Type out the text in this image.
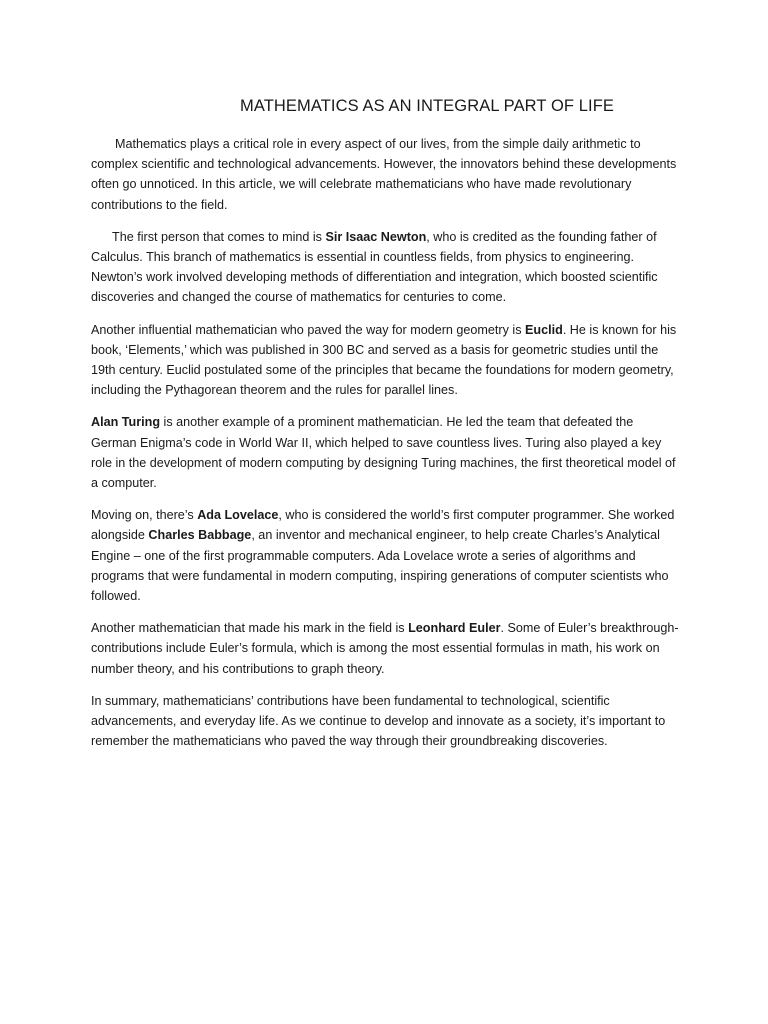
MATHEMATICS AS AN INTEGRAL PART OF LIFE

Mathematics plays a critical role in every aspect of our lives, from the simple daily arithmetic to complex scientific and technological advancements. However, the innovators behind these developments often go unnoticed. In this article, we will celebrate mathematicians who have made revolutionary contributions to the field.

The first person that comes to mind is Sir Isaac Newton, who is credited as the founding father of Calculus. This branch of mathematics is essential in countless fields, from physics to engineering. Newton’s work involved developing methods of differentiation and integration, which boosted scientific discoveries and changed the course of mathematics for centuries to come.

Another influential mathematician who paved the way for modern geometry is Euclid. He is known for his book, ‘Elements,’ which was published in 300 BC and served as a basis for geometric studies until the 19th century. Euclid postulated some of the principles that became the foundations for modern geometry, including the Pythagorean theorem and the rules for parallel lines.

Alan Turing is another example of a prominent mathematician. He led the team that defeated the German Enigma’s code in World War II, which helped to save countless lives. Turing also played a key role in the development of modern computing by designing Turing machines, the first theoretical model of a computer.

Moving on, there’s Ada Lovelace, who is considered the world’s first computer programmer. She worked alongside Charles Babbage, an inventor and mechanical engineer, to help create Charles’s Analytical Engine – one of the first programmable computers. Ada Lovelace wrote a series of algorithms and programs that were fundamental in modern computing, inspiring generations of computer scientists who followed.

Another mathematician that made his mark in the field is Leonhard Euler. Some of Euler’s breakthrough- contributions include Euler’s formula, which is among the most essential formulas in math, his work on number theory, and his contributions to graph theory.

In summary, mathematicians’ contributions have been fundamental to technological, scientific advancements, and everyday life. As we continue to develop and innovate as a society, it’s important to remember the mathematicians who paved the way through their groundbreaking discoveries.
